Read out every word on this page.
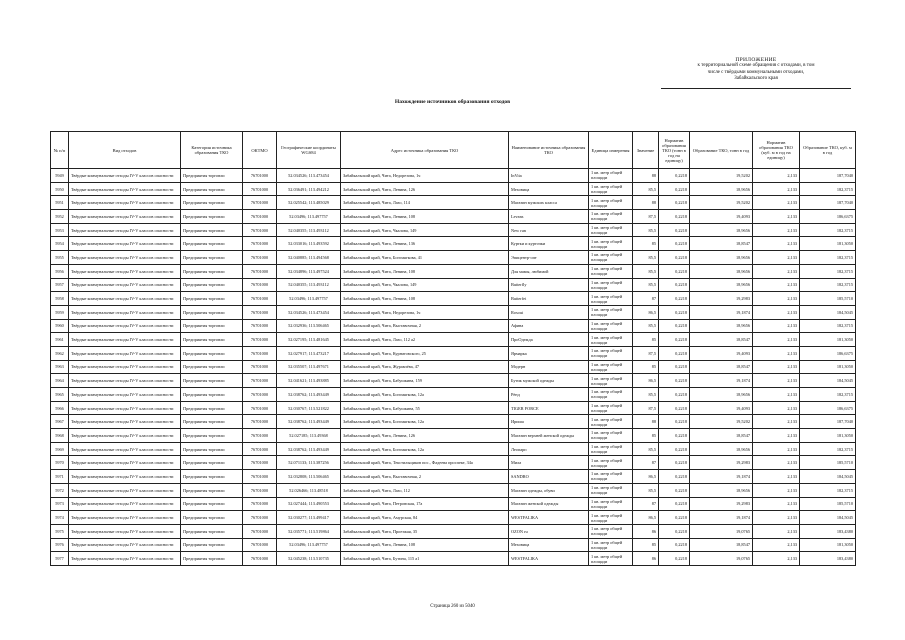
ПРИЛОЖЕНИЕ
к территориальной схеме обращения с отходами, в том
числе с твёрдыми коммунальными отходами,
Забайкальского края
Нахождение источников образования отходов
№ п/п	Вид отходов	Категория источника образования ТКО	ОКТМО	Географические координаты WGS84	Адрес источника образования ТКО	Наименование источника образования ТКО	Единица измерения	Значение	Норматив образования ТКО (тонн в год на единицу)	Образование ТКО, тонн в год	Норматив образования ТКО (куб. м в год на единицу)	Образование ТКО, куб. м в год
5949	Твёрдые коммунальные отходы IV-V классов опасности	Предприятия торговли	76701000	52.034526; 113.473454	Забайкальский край, Чита, Недорезова, 1ч	InVita	1 кв. метр общей площади	88	0,2218	19,5202	2,133	187,7040
5950	Твёрдые коммунальные отходы IV-V классов опасности	Предприятия торговли	76701000	52.036491; 113.494212	Забайкальский край, Чита, Ленина, 126	Меховица	1 кв. метр общей площади	85,5	0,2218	18,9656	2,133	182,3715
5951	Твёрдые коммунальные отходы IV-V классов опасности	Предприятия торговли	76701000	52.025542; 113.485029	Забайкальский край, Чита, Лазо, 114	Магазин мужских класса	1 кв. метр общей площади	88	0,2218	19,5202	2,133	187,7040
5952	Твёрдые коммунальные отходы IV-V классов опасности	Предприятия торговли	76701000	52.03496; 113.497757	Забайкальский край, Чита, Ленина, 108	Levans	1 кв. метр общей площади	87,5	0,2218	19,4093	2,133	186,6375
5953	Твёрдые коммунальные отходы IV-V классов опасности	Предприятия торговли	76701000	52.040355; 113.493112	Забайкальский край, Чита, Чкалова, 149	New run	1 кв. метр общей площади	85,5	0,2218	18,9656	2,133	182,3715
5954	Твёрдые коммунальные отходы IV-V классов опасности	Предприятия торговли	76701000	52.033016; 113.493592	Забайкальский край, Чита, Ленина, 136	Куртки и курточки	1 кв. метр общей площади	85	0,2218	18,8547	2,133	181,3050
5955	Твёрдые коммунальные отходы IV-V классов опасности	Предприятия торговли	76701000	52.040885; 113.494568	Забайкальский край, Чита, Богомягкова, 41	Эпицентр-опт	1 кв. метр общей площади	85,5	0,2218	18,9656	2,133	182,3715
5956	Твёрдые коммунальные отходы IV-V классов опасности	Предприятия торговли	76701000	52.034896; 113.497524	Забайкальский край, Чита, Ленина, 108	Для мамы, любимой	1 кв. метр общей площади	85,5	0,2218	18,9656	2,133	182,3715
5957	Твёрдые коммунальные отходы IV-V классов опасности	Предприятия торговли	76701000	52.040355; 113.493112	Забайкальский край, Чита, Чкалова, 149	Butterfly	1 кв. метр общей площади	85,5	0,2218	18,9656	2,133	182,3715
5958	Твёрдые коммунальные отходы IV-V классов опасности	Предприятия торговли	76701000	52.03496; 113.497757	Забайкальский край, Чита, Ленина, 108	Butterfei	1 кв. метр общей площади	87	0,2218	19,2983	2,133	185,5710
5959	Твёрдые коммунальные отходы IV-V классов опасности	Предприятия торговли	76701000	52.034526; 113.473454	Забайкальский край, Чита, Недорезова, 1ч	Rosoui	1 кв. метр общей площади	86,5	0,2218	19,1874	2,133	184,5045
5960	Твёрдые коммунальные отходы IV-V классов опасности	Предприятия торговли	76701000	52.032936; 113.506465	Забайкальский край, Чита, Выставочная, 2	Афина	1 кв. метр общей площади	85,5	0,2218	18,9656	2,133	182,3715
5961	Твёрдые коммунальные отходы IV-V классов опасности	Предприятия торговли	76701000	52.027195; 113.481645	Забайкальский край, Чита, Лазо, 112 а2	ПроОдежда	1 кв. метр общей площади	85	0,2218	18,8547	2,133	181,3050
5962	Твёрдые коммунальные отходы IV-V классов опасности	Предприятия торговли	76701000	52.027917; 113.473217	Забайкальский край, Чита, Курнатовского, 25	Ярмарка	1 кв. метр общей площади	87,5	0,2218	19,4093	2,133	186,6375
5963	Твёрдые коммунальные отходы IV-V классов опасности	Предприятия торговли	76701000	52.035507; 113.497671	Забайкальский край, Чита, Журавлёва, 47	Модерн	1 кв. метр общей площади	85	0,2218	18,8547	2,133	181,3050
5964	Твёрдые коммунальные отходы IV-V классов опасности	Предприятия торговли	76701000	52.041621; 113.493885	Забайкальский край, Чита, Бабушкина, 159	Бутик мужской одежды	1 кв. метр общей площади	86,5	0,2218	19,1874	2,133	184,5045
5965	Твёрдые коммунальные отходы IV-V классов опасности	Предприятия торговли	76701000	52.038762; 113.493449	Забайкальский край, Чита, Богомягкова, 12а	Рёнд	1 кв. метр общей площади	85,5	0,2218	18,9656	2,133	182,3715
5966	Твёрдые коммунальные отходы IV-V классов опасности	Предприятия торговли	76701000	52.030767; 113.521822	Забайкальский край, Чита, Бабушкина, 55	TIGER FORCE	1 кв. метр общей площади	87,5	0,2218	19,4093	2,133	186,6375
5967	Твёрдые коммунальные отходы IV-V классов опасности	Предприятия торговли	76701000	52.038762; 113.493449	Забайкальский край, Чита, Богомягкова, 12а	Ириша	1 кв. метр общей площади	88	0,2218	19,5202	2,133	187,7040
5968	Твёрдые коммунальные отходы IV-V классов опасности	Предприятия торговли	76701000	52.027185; 113.49368	Забайкальский край, Чита, Ленина, 126	Магазин верхней женской одежды	1 кв. метр общей площади	85	0,2218	18,8547	2,133	181,3050
5969	Твёрдые коммунальные отходы IV-V классов опасности	Предприятия торговли	76701000	52.038762; 113.493449	Забайкальский край, Чита, Богомягкова, 12а	Леопарп	1 кв. метр общей площади	85,5	0,2218	18,9656	2,133	182,3715
5970	Твёрдые коммунальные отходы IV-V классов опасности	Предприятия торговли	76701000	52.071133; 113.387256	Забайкальский край, Чита, Текстильщиков пос., Фадеева проспект, 34а	Мила	1 кв. метр общей площади	87	0,2218	19,2983	2,133	185,5710
5971	Твёрдые коммунальные отходы IV-V классов опасности	Предприятия торговли	76701000	52.032808; 113.506465	Забайкальский край, Чита, Выставочная, 2	SANDRO	1 кв. метр общей площади	86,5	0,2218	19,1874	2,133	184,5045
5972	Твёрдые коммунальные отходы IV-V классов опасности	Предприятия торговли	76701000	52.026466; 113.48518	Забайкальский край, Чита, Лазо, 112	Магазин одежды, обуви	1 кв. метр общей площади	85,5	0,2218	18,9656	2,133	182,3715
5973	Твёрдые коммунальные отходы IV-V классов опасности	Предприятия торговли	76701000	52.027444; 113.490553	Забайкальский край, Чита, Петровская, 17а	Магазин женской одежды	1 кв. метр общей площади	87	0,2218	19,2983	2,133	185,5710
5974	Твёрдые коммунальные отходы IV-V классов опасности	Предприятия торговли	76701000	52.030277; 113.499417	Забайкальский край, Чита, Амурская, 84	WESTFALIKA	1 кв. метр общей площади	86,5	0,2218	19,1874	2,133	184,5045
5975	Твёрдые коммунальные отходы IV-V классов опасности	Предприятия торговли	76701000	52.035771; 113.519864	Забайкальский край, Чита, Проезжая, 35	OZON ru	1 кв. метр общей площади	86	0,2218	19,0765	2,133	183,4380
5976	Твёрдые коммунальные отходы IV-V классов опасности	Предприятия торговли	76701000	52.03496; 113.497757	Забайкальский край, Чита, Ленина, 108	Меховица	1 кв. метр общей площади	85	0,2218	18,8547	2,133	181,3050
5977	Твёрдые коммунальные отходы IV-V классов опасности	Предприятия торговли	76701000	52.045238; 113.510735	Забайкальский край, Чита, Бутина, 115 а1	WESTFALIKA	1 кв. метр общей площади	86	0,2218	19,0765	2,133	183,4380
Страница 260 из 5040
